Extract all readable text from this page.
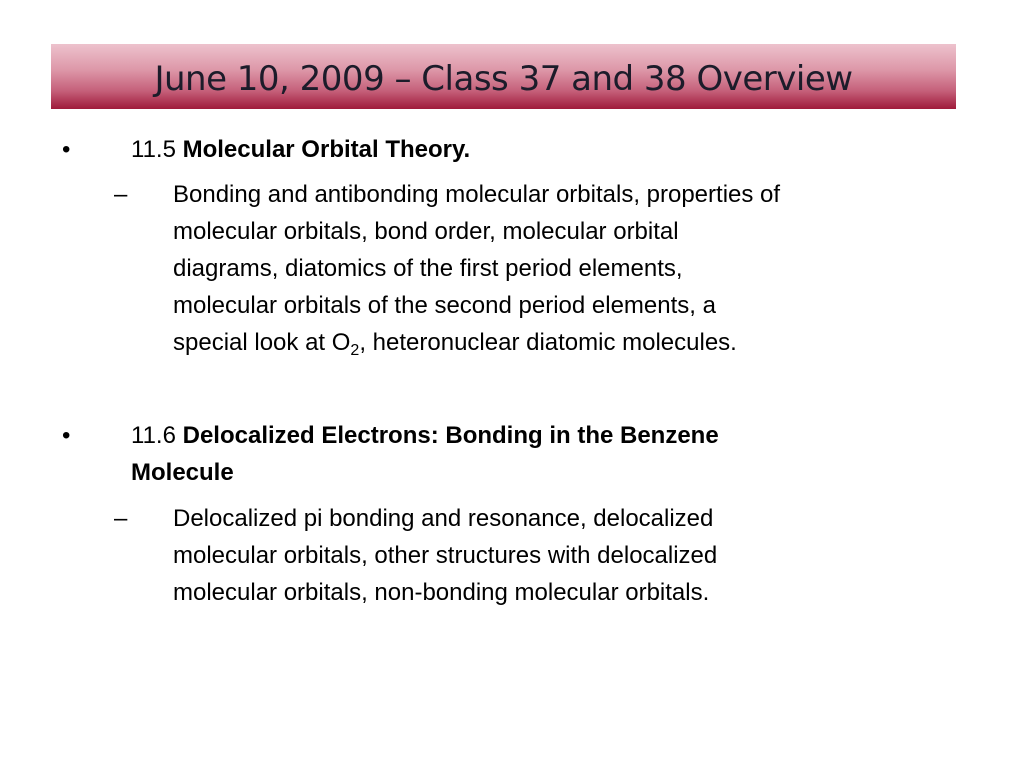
June 10, 2009 – Class 37 and 38 Overview
•	11.5 Molecular Orbital Theory.
– Bonding and antibonding molecular orbitals, properties of
molecular orbitals, bond order, molecular orbital
diagrams, diatomics of the first period elements,
molecular orbitals of the second period elements, a
special look at $O_2$, heteronuclear diatomic molecules.
•	11.6 Delocalized Electrons: Bonding in the Benzene
Molecule
– Delocalized pi bonding and resonance, delocalized
molecular orbitals, other structures with delocalized
molecular orbitals, non-bonding molecular orbitals.
